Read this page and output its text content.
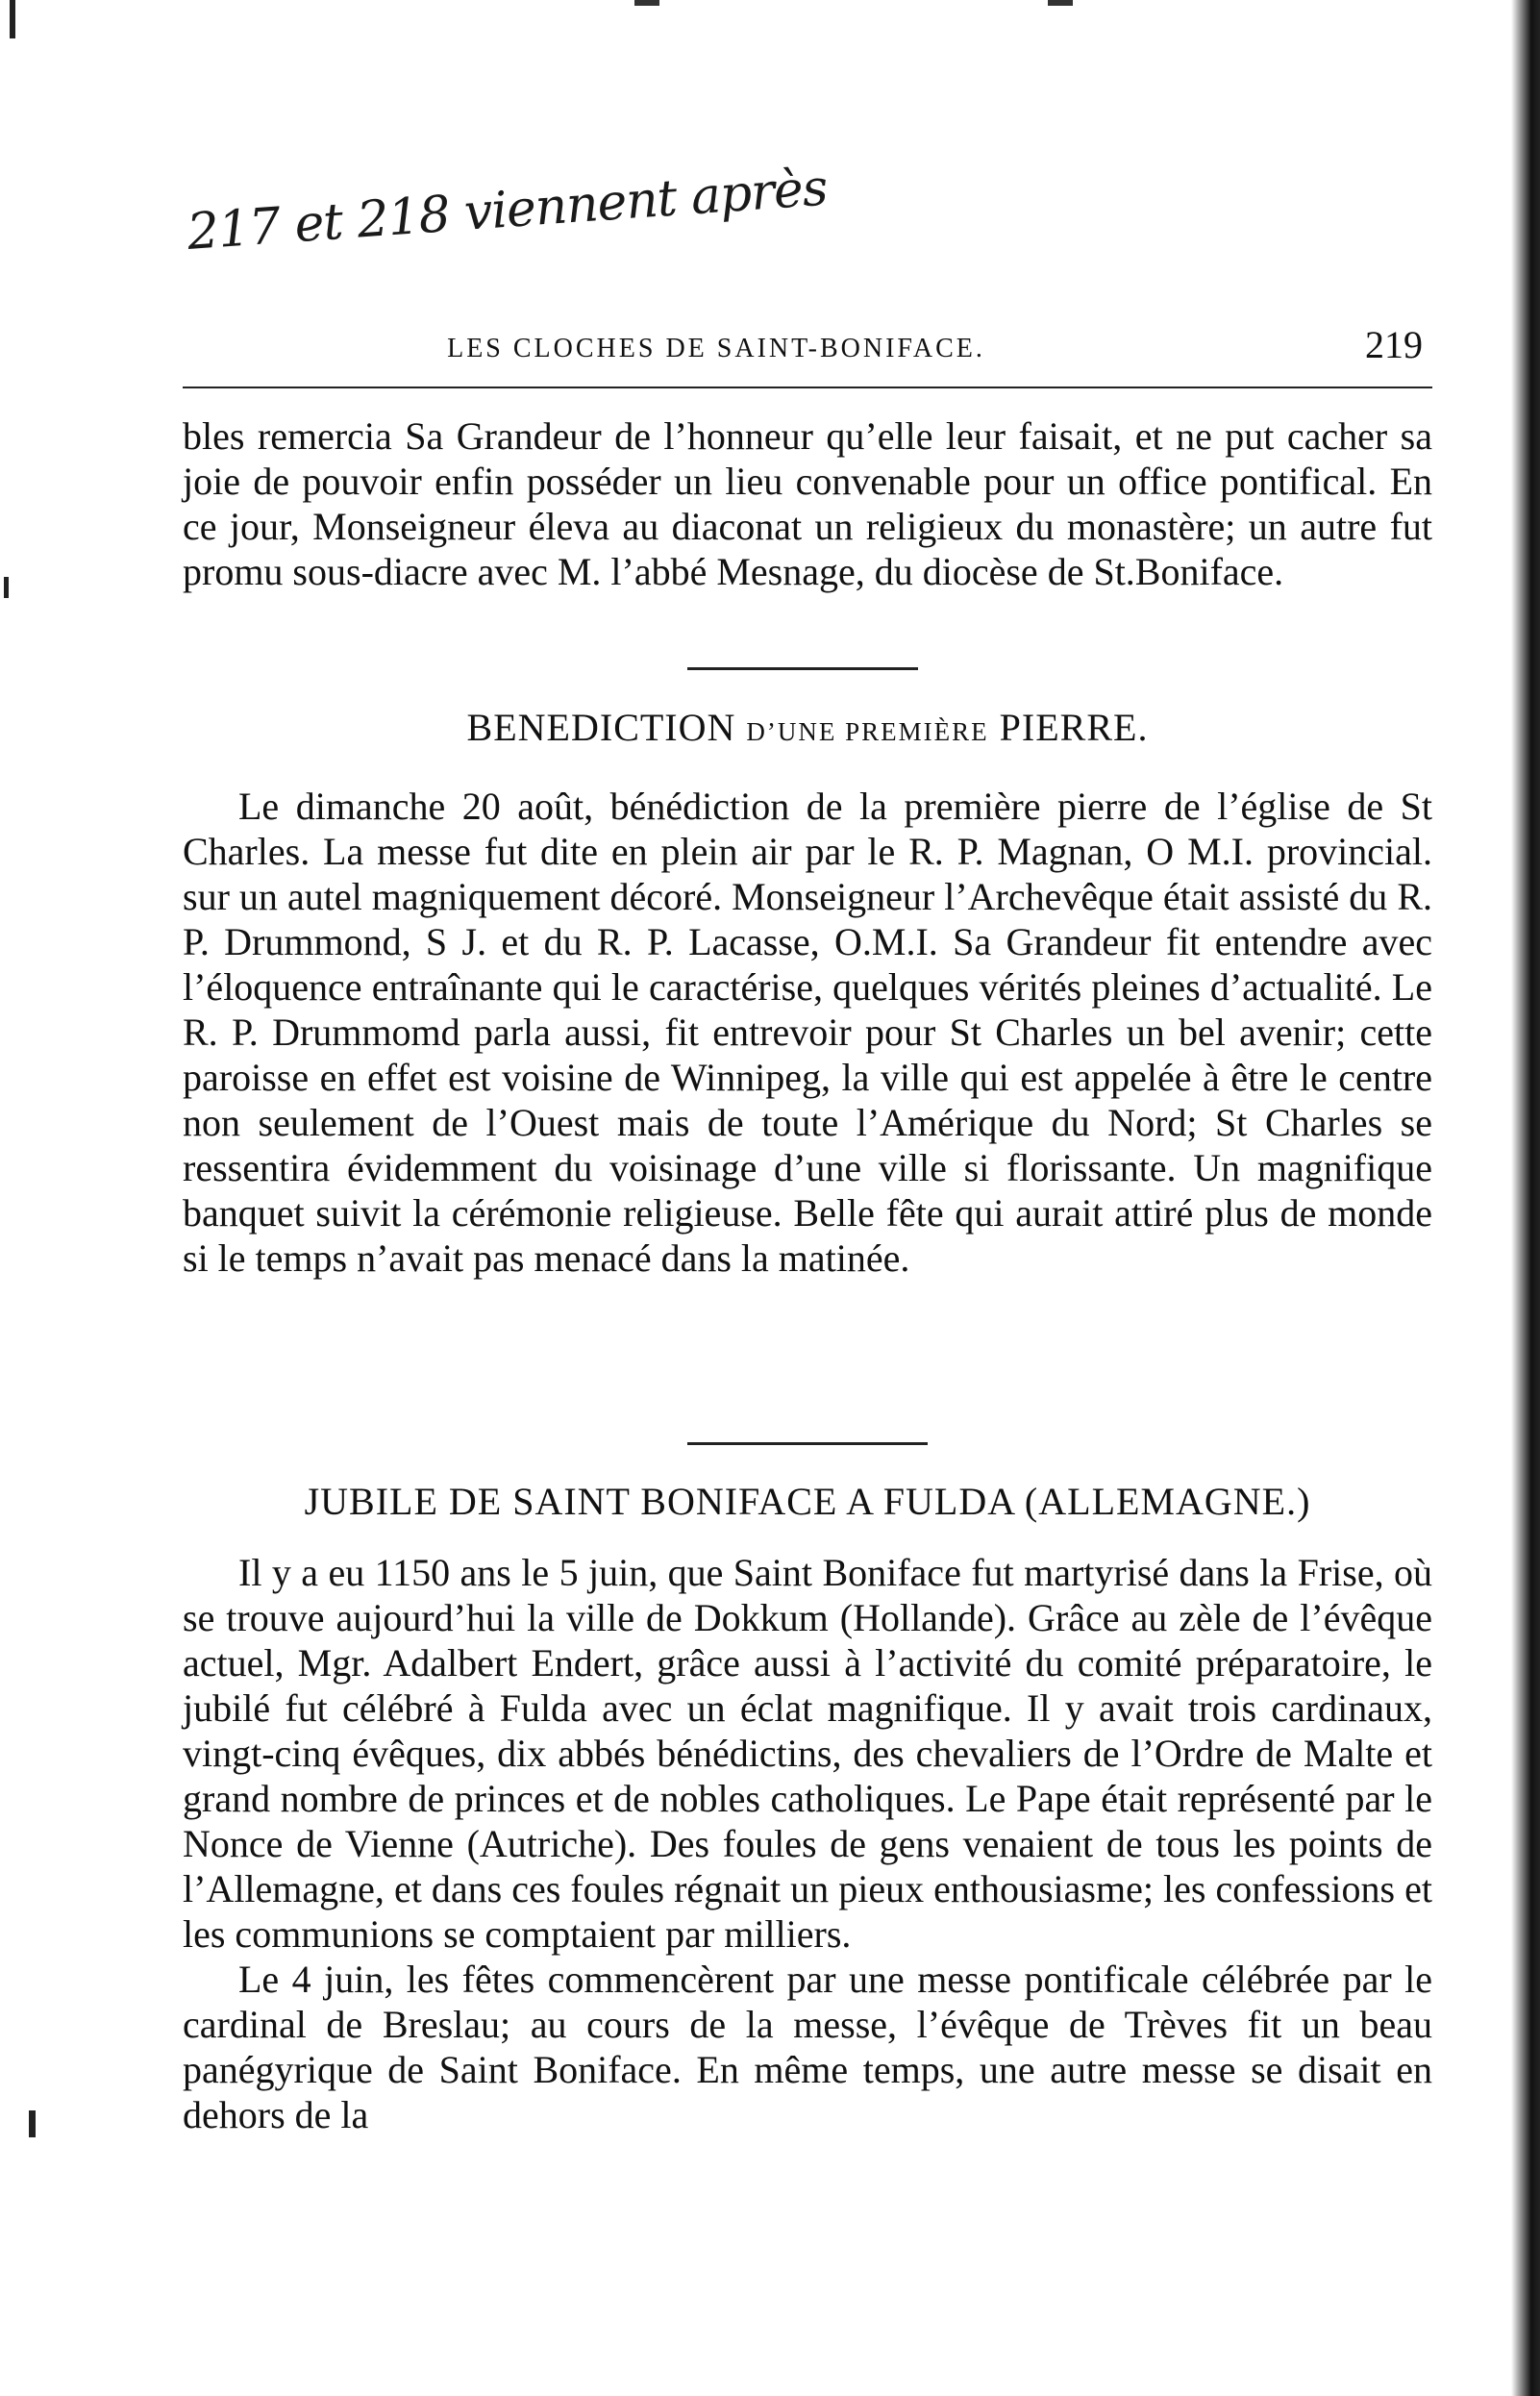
217 et 218 viennent après
LES CLOCHES DE SAINT-BONIFACE.	219

bles remercia Sa Grandeur de l’honneur qu’elle leur faisait, et ne put cacher sa joie de pouvoir enfin posséder un lieu convenable pour un office pontifical. En ce jour, Monseigneur éleva au diaconat un religieux du monastère; un autre fut promu sous-diacre avec M. l’abbé Mesnage, du diocèse de St.Boniface.

BENEDICTION D’UNE PREMIÈRE PIERRE.

Le dimanche 20 août, bénédiction de la première pierre de l’église de St Charles. La messe fut dite en plein air par le R. P. Magnan, O M.I. provincial. sur un autel magniquement décoré. Monseigneur l’Archevêque était assisté du R. P. Drummond, S J. et du R. P. Lacasse, O.M.I. Sa Grandeur fit entendre avec l’éloquence entraînante qui le caractérise, quelques vérités pleines d’actualité. Le R. P. Drummomd parla aussi, fit entrevoir pour St Charles un bel avenir; cette paroisse en effet est voisine de Winnipeg, la ville qui est appelée à être le centre non seulement de l’Ouest mais de toute l’Amérique du Nord; St Charles se ressentira évidemment du voisinage d’une ville si florissante. Un magnifique banquet suivit la cérémonie religieuse. Belle fête qui aurait attiré plus de monde si le temps n’avait pas menacé dans la matinée.

JUBILE DE SAINT BONIFACE A FULDA (ALLEMAGNE.)

Il y a eu 1150 ans le 5 juin, que Saint Boniface fut martyrisé dans la Frise, où se trouve aujourd’hui la ville de Dokkum (Hollande). Grâce au zèle de l’évêque actuel, Mgr. Adalbert Endert, grâce aussi à l’activité du comité préparatoire, le jubilé fut célébré à Fulda avec un éclat magnifique. Il y avait trois cardinaux, vingt-cinq évêques, dix abbés bénédictins, des chevaliers de l’Ordre de Malte et grand nombre de princes et de nobles catholiques. Le Pape était représenté par le Nonce de Vienne (Autriche). Des foules de gens venaient de tous les points de l’Allemagne, et dans ces foules régnait un pieux enthousiasme; les confessions et les communions se comptaient par milliers.

Le 4 juin, les fêtes commencèrent par une messe pontificale célébrée par le cardinal de Breslau; au cours de la messe, l’évêque de Trèves fit un beau panégyrique de Saint Boniface. En même temps, une autre messe se disait en dehors de la
